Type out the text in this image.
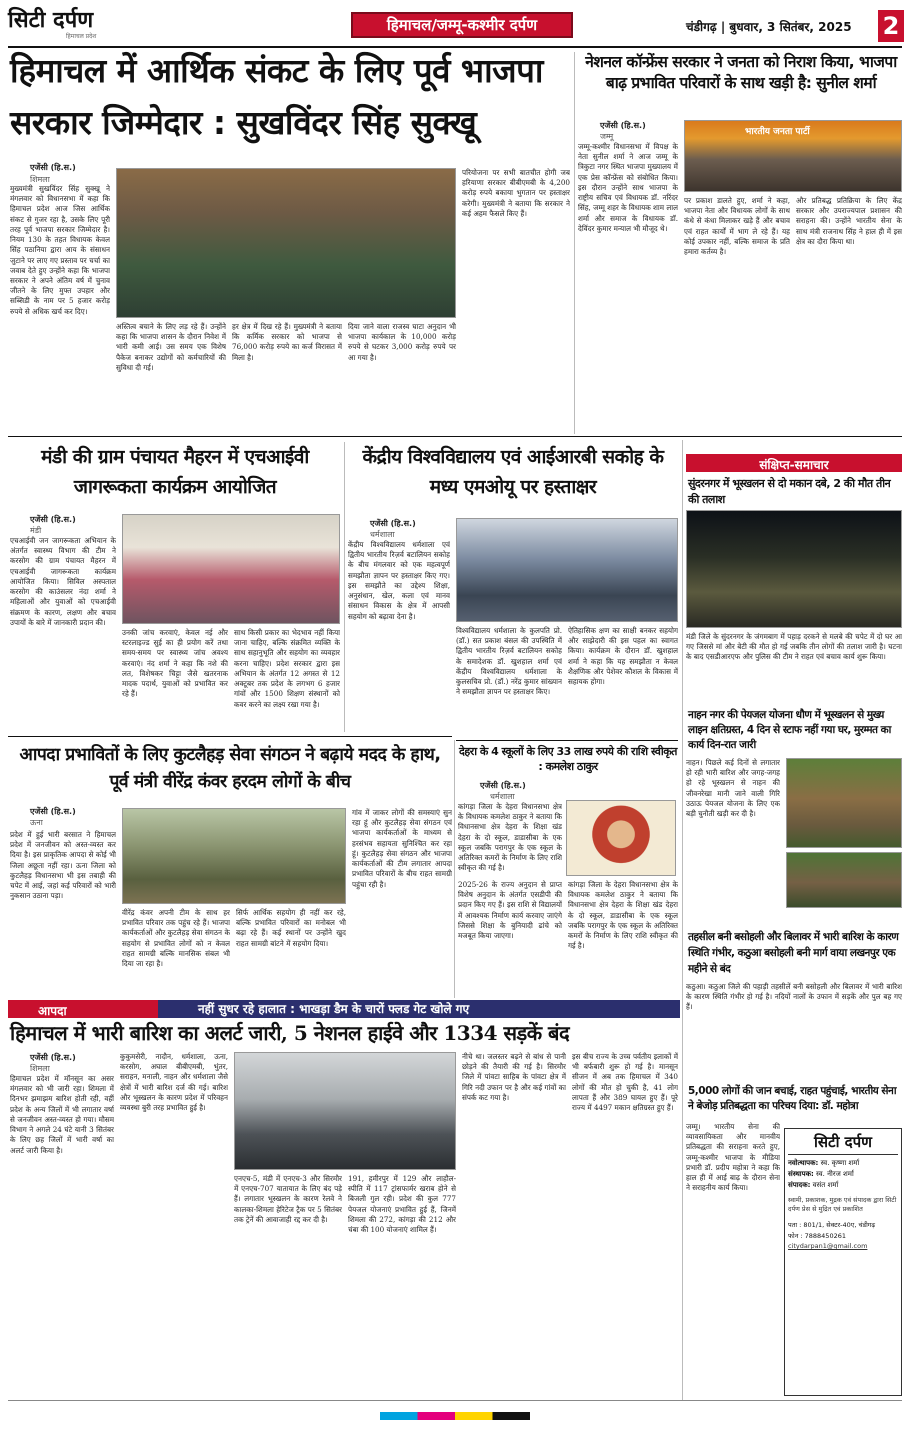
सिटी दर्पण
हिमाचल प्रदेश
हिमाचल/जम्मू-कश्मीर दर्पण	चंडीगढ़ | बुधवार, 3 सितंबर, 2025 2
हिमाचल में आर्थिक संकट के लिए पूर्व भाजपा
सरकार जिम्मेदार : सुखविंदर सिंह सुक्खू
एजेंसी (हि.स.)
शिमला
मुख्यमंत्री सुखविंदर सिंह सुक्खू ने मंगलवार को विधानसभा में कहा कि हिमाचल प्रदेश आज जिस आर्थिक संकट से गुजर रहा है, उसके लिए पूरी तरह पूर्व भाजपा सरकार जिम्मेदार है। नियम 130 के तहत विधायक केवल सिंह पठानिया द्वारा आय के संसाधन जुटाने पर लाए गए प्रस्ताव पर चर्चा का जवाब देते हुए उन्होंने कहा कि भाजपा सरकार ने अपने अंतिम वर्ष में चुनाव जीतने के लिए मुफ्त उपहार और सब्सिडी के नाम पर 5 हजार करोड़ रुपये से अधिक खर्च कर दिए।
अस्तित्व बचाने के लिए लड़ रहे हैं। उन्होंने कहा कि भाजपा शासन के दौरान निवेश में भारी कमी आई। उस समय एक विशेष पैकेज बनाकर उद्योगों को कर्मचारियों की सुविधा दी गई।
हर क्षेत्र में दिख रहे हैं। मुख्यमंत्री ने बताया कि कर्मिक सरकार को भाजपा से 76,000 करोड़ रुपये का कर्ज विरासत में मिला है।
दिया जाने वाला राजस्व घाटा अनुदान भी भाजपा कार्यकाल के 10,000 करोड़ रुपये से घटकर 3,000 करोड़ रुपये पर आ गया है।
परियोजना पर सभी बातचीत होगी जब हरियाणा सरकार बीबीएमबी के 4,200 करोड़ रुपये बकाया भुगतान पर हस्ताक्षर करेगी। मुख्यमंत्री ने बताया कि सरकार ने कई अहम फैसले किए हैं।
नेशनल कॉन्फ्रेंस सरकार ने जनता को निराश किया, भाजपा बाढ़ प्रभावित परिवारों के साथ खड़ी है: सुनील शर्मा
एजेंसी (हि.स.)
जम्मू
जम्मू-कश्मीर विधानसभा में विपक्ष के नेता सुनील शर्मा ने आज जम्मू के त्रिकुटा नगर स्थित भाजपा मुख्यालय में एक प्रेस कॉन्फ्रेंस को संबोधित किया। इस दौरान उन्होंने साथ भाजपा के राष्ट्रीय सचिव एवं विधायक डॉ. नरिंदर सिंह, जम्मू शहर के विधायक शाम लाल शर्मा और समाज के विधायक डॉ. देविंदर कुमार मन्याल भी मौजूद थे।
भारतीय जनता पार्टी
पर प्रकाश डालते हुए, शर्मा ने कहा, भाजपा नेता और विधायक लोगों के साथ कंधे से कंधा मिलाकर खड़े हैं और बचाव एवं राहत कार्यों में भाग ले रहे हैं। यह कोई उपकार नहीं, बल्कि समाज के प्रति हमारा कर्तव्य है।
और प्रतिबद्ध प्रतिक्रिया के लिए केंद्र सरकार और उपराज्यपाल प्रशासन की सराहना की। उन्होंने भारतीय सेना के साथ मंत्री राजनाथ सिंह ने हाल ही में इस क्षेत्र का दौरा किया था।
मंडी की ग्राम पंचायत मैहरन में एचआईवी जागरूकता कार्यक्रम आयोजित
एजेंसी (हि.स.)
मंडी
एचआईवी जन जागरूकता अभियान के अंतर्गत स्वास्थ्य विभाग की टीम ने करसोग की ग्राम पंचायत मैहरन में एचआईवी जागरूकता कार्यक्रम आयोजित किया। सिविल अस्पताल करसोग की काउंसलर नंदा शर्मा ने महिलाओं और युवाओं को एचआईवी संक्रमण के कारण, लक्षण और बचाव उपायों के बारे में जानकारी प्रदान की।
उनकी जांच करवाएं, केवल नई और स्टरलाइज्ड सुई का ही प्रयोग करें तथा समय-समय पर स्वास्थ्य जांच अवश्य करवाएं। नंद शर्मा ने कहा कि नशे की लत, विशेषकर चिट्टा जैसे खतरनाक मादक पदार्थ, युवाओं को प्रभावित कर रहे हैं।
साथ किसी प्रकार का भेदभाव नहीं किया जाना चाहिए, बल्कि संक्रमित व्यक्ति के साथ सहानुभूति और सहयोग का व्यवहार करना चाहिए। प्रदेश सरकार द्वारा इस अभियान के अंतर्गत 12 अगस्त से 12 अक्टूबर तक प्रदेश के लगभग 6 हजार गांवों और 1500 शिक्षण संस्थानों को कवर करने का लक्ष्य रखा गया है।
केंद्रीय विश्वविद्यालय एवं आईआरबी सकोह के मध्य एमओयू पर हस्ताक्षर
एजेंसी (हि.स.)
धर्मशाला
केंद्रीय विश्वविद्यालय धर्मशाला एवं द्वितीय भारतीय रिज़र्व बटालियन सकोह के बीच मंगलवार को एक महत्वपूर्ण समझौता ज्ञापन पर हस्ताक्षर किए गए। इस समझौते का उद्देश्य शिक्षा, अनुसंधान, खेल, कला एवं मानव संसाधन विकास के क्षेत्र में आपसी सहयोग को बढ़ावा देना है।
विश्वविद्यालय धर्मशाला के कुलपति प्रो. (डॉ.) सत प्रकाश बंसल की उपस्थिति में द्वितीय भारतीय रिज़र्व बटालियन सकोह के समादेशक डॉ. खुशहाल शर्मा एवं केंद्रीय विश्वविद्यालय धर्मशाला के कुलसचिव प्रो. (डॉ.) नरेंद्र कुमार सांख्यान ने समझौता ज्ञापन पर हस्ताक्षर किए।
ऐतिहासिक क्षण का साक्षी बनकर सहयोग और साझेदारी की इस पहल का स्वागत किया। कार्यक्रम के दौरान डॉ. खुशहाल शर्मा ने कहा कि यह समझौता न केवल शैक्षणिक और पेशेवर कौशल के विकास में सहायक होगा।
देहरा के 4 स्कूलों के लिए 33 लाख रुपये की राशि स्वीकृत : कमलेश ठाकुर
एजेंसी (हि.स.)
धर्मशाला
कांगड़ा जिला के देहरा विधानसभा क्षेत्र के विधायक कमलेश ठाकुर ने बताया कि विधानसभा क्षेत्र देहरा के शिक्षा खंड देहरा के दो स्कूल, डाडासीबा के एक स्कूल जबकि परागपुर के एक स्कूल के अतिरिक्त कमरों के निर्माण के लिए राशि स्वीकृत की गई है।
2025-26 के राज्य अनुदान से प्राप्त विशेष अनुदान के अंतर्गत एसडीपी की प्रदान किए गए हैं। इस राशि से विद्यालयों में आवश्यक निर्माण कार्य करवाए जाएंगे जिससे शिक्षा के बुनियादी ढांचे को मजबूत किया जाएगा।
कांगड़ा जिला के देहरा विधानसभा क्षेत्र के विधायक कमलेश ठाकुर ने बताया कि विधानसभा क्षेत्र देहरा के शिक्षा खंड देहरा के दो स्कूल, डाडासीबा के एक स्कूल जबकि परागपुर के एक स्कूल के अतिरिक्त कमरों के निर्माण के लिए राशि स्वीकृत की गई है।
आपदा प्रभावितों के लिए कुटलैहड़ सेवा संगठन ने बढ़ाये मदद के हाथ, पूर्व मंत्री वीरेंद्र कंवर हरदम लोगों के बीच
एजेंसी (हि.स.)
ऊना
प्रदेश में हुई भारी बरसात ने हिमाचल प्रदेश में जनजीवन को अस्त-व्यस्त कर दिया है। इस प्राकृतिक आपदा से कोई भी जिला अछूता नहीं रहा। ऊना जिला को कुटलैहड़ विधानसभा भी इस तबाही की चपेट में आई, जहां कई परिवारों को भारी नुकसान उठाना पड़ा।
वीरेंद्र कंवर अपनी टीम के साथ हर प्रभावित परिवार तक पहुंच रहे हैं। भाजपा कार्यकर्ताओं और कुटलैहड़ सेवा संगठन के सहयोग से प्रभावित लोगों को न केवल राहत सामग्री बल्कि मानसिक संबल भी दिया जा रहा है।
सिर्फ आर्थिक सहयोग ही नहीं कर रहे, बल्कि प्रभावित परिवारों का मनोबल भी बढ़ा रहे हैं। कई स्थानों पर उन्होंने खुद राहत सामग्री बांटने में सहयोग दिया।
गांव में जाकर लोगों की समस्याएं सुन रहा हूं और कुटलैहड़ सेवा संगठन एवं भाजपा कार्यकर्ताओं के माध्यम से हरसंभव सहायता सुनिश्चित कर रहा हूं। कुटलैहड़ सेवा संगठन और भाजपा कार्यकर्ताओं की टीम लगातार आपदा प्रभावित परिवारों के बीच राहत सामग्री पहुंचा रही है।
संक्षिप्त-समाचार
सुंदरनगर में भूस्खलन से दो मकान दबे, 2 की मौत तीन की तलाश
मंडी जिले के सुंदरनगर के जंगमबाग में पहाड़ दरकने से मलबे की चपेट में दो घर आ गए जिससे मां और बेटी की मौत हो गई जबकि तीन लोगों की तलाश जारी है। घटना के बाद एसडीआरएफ और पुलिस की टीम ने राहत एवं बचाव कार्य शुरू किया।
नाहन नगर की पेयजल योजना धौण में भूस्खलन से मुख्य लाइन क्षतिग्रस्त, 4 दिन से स्टाफ नहीं गया घर, मुरम्मत का कार्य दिन-रात जारी
नाहन। पिछले कई दिनों से लगातार हो रही भारी बारिश और जगह-जगह हो रहे भूस्खलन से नाहन की जीवनरेखा मानी जाने वाली गिरि उठाऊ पेयजल योजना के लिए एक बड़ी चुनौती खड़ी कर दी है।
तहसील बनी बसोहली और बिलावर में भारी बारिश के कारण स्थिति गंभीर, कठुआ बसोहली बनी मार्ग वाया लखनपुर एक महीने से बंद
कठुआ। कठुआ जिले की पहाड़ी तहसीलें बनी बसोहली और बिलावर में भारी बारिश के कारण स्थिति गंभीर हो गई है। नदियों नालों के उफान में सड़कें और पुल बह गए हैं।
5,000 लोगों की जान बचाई, राहत पहुंचाई, भारतीय सेना ने बेजोड़ प्रतिबद्धता का परिचय दिया: डॉ. महोत्रा
जम्मू। भारतीय सेना की व्यावसायिकता और मानवीय प्रतिबद्धता की सराहना करते हुए, जम्मू-कश्मीर भाजपा के मीडिया प्रभारी डॉ. प्रदीप महोत्रा ने कहा कि हाल ही में आई बाढ़ के दौरान सेना ने सराहनीय कार्य किया।
सिटी दर्पण
नवोत्थापक: स्व. कृष्णा शर्मा
संस्थापक: स्व. नीरज शर्मा
संपादक: वसंत शर्मा
स्वामी, प्रकाशक, मुद्रक एवं संपादक द्वारा सिटी दर्पण प्रेस से मुद्रित एवं प्रकाशित
पता : 801/1, सेक्टर-40ए, चंडीगढ़
फोन : 7888450261
citydarpan1@gmail.com
आपदा	नहीं सुधर रहे हालात : भाखड़ा डैम के चारों फ्लड गेट खोले गए
हिमाचल में भारी बारिश का अलर्ट जारी, 5 नेशनल हाईवे और 1334 सड़कें बंद
एजेंसी (हि.स.)
शिमला
हिमाचल प्रदेश में मॉनसून का असर मंगलवार को भी जारी रहा। शिमला में दिनभर झमाझम बारिश होती रही, वहीं प्रदेश के अन्य जिलों में भी लगातार वर्षा से जनजीवन अस्त-व्यस्त हो गया। मौसम विभाग ने अगले 24 घंटे यानी 3 सितंबर के लिए छह जिलों में भारी वर्षा का अलर्ट जारी किया है।
कुकुमसेरी, नादौन, धर्मशाला, ऊना, करसोग, अघाल बीबीएमबी, भुंतर, सराहन, मनाली, नाहन और धर्मशाला जैसे क्षेत्रों में भारी बारिश दर्ज की गई। बारिश और भूस्खलन के कारण प्रदेश में परिवहन व्यवस्था बुरी तरह प्रभावित हुई है।
एनएच-5, मंडी में एनएच-3 और सिरमौर में एनएच-707 यातायात के लिए बंद पड़े हैं। लगातार भूस्खलन के कारण रेलवे ने कालका-शिमला हेरिटेज ट्रैक पर 5 सितंबर तक ट्रेनें की आवाजाही रद्द कर दी है।
191, हमीरपुर में 129 और लाहौल-स्पीति में 117 ट्रांसफार्मर खराब होने से बिजली गुल रही। प्रदेश की कुल 777 पेयजल योजनाएं प्रभावित हुई हैं, जिनमें शिमला की 272, कांगड़ा की 212 और चंबा की 100 योजनाएं शामिल हैं।
नीचे था। जलस्तर बढ़ने से बांध से पानी छोड़ने की तैयारी की गई है। सिरमौर जिले में पांवटा साहिब के पांवटा क्षेत्र में गिरि नदी उफान पर है और कई गांवों का संपर्क कट गया है।
इस बीच राज्य के उच्च पर्वतीय इलाकों में भी बर्फबारी शुरू हो गई है। मानसून सीजन में अब तक हिमाचल में 340 लोगों की मौत हो चुकी है, 41 लोग लापता हैं और 389 घायल हुए हैं। पूरे राज्य में 4497 मकान क्षतिग्रस्त हुए हैं।
